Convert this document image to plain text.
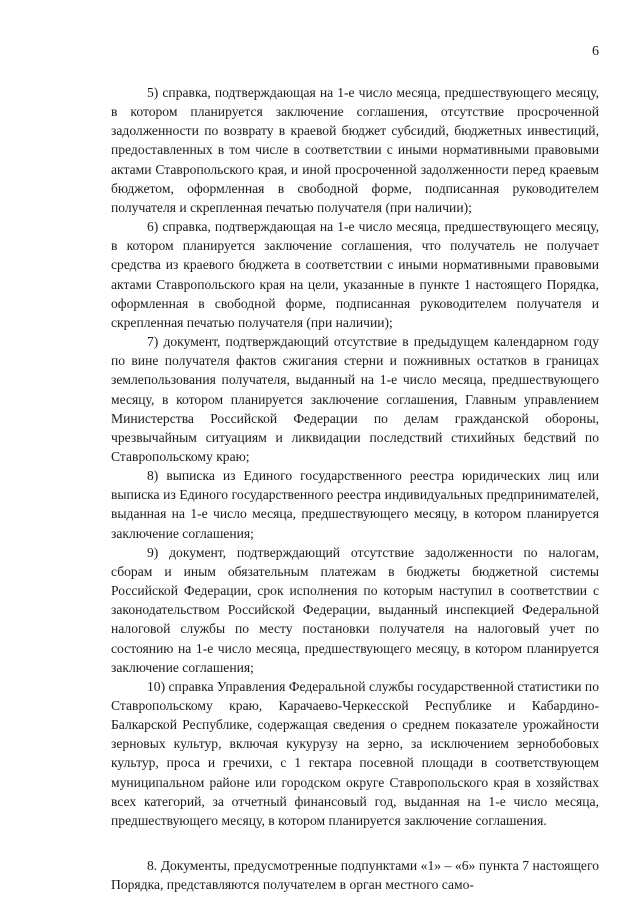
6

5) справка, подтверждающая на 1-е число месяца, предшествующего месяцу, в котором планируется заключение соглашения, отсутствие просроченной задолженности по возврату в краевой бюджет субсидий, бюджетных инвестиций, предоставленных в том числе в соответствии с иными нормативными правовыми актами Ставропольского края, и иной просроченной задолженности перед краевым бюджетом, оформленная в свободной форме, подписанная руководителем получателя и скрепленная печатью получателя (при наличии);

6) справка, подтверждающая на 1-е число месяца, предшествующего месяцу, в котором планируется заключение соглашения, что получатель не получает средства из краевого бюджета в соответствии с иными нормативными правовыми актами Ставропольского края на цели, указанные в пункте 1 настоящего Порядка, оформленная в свободной форме, подписанная руководителем получателя и скрепленная печатью получателя (при наличии);

7) документ, подтверждающий отсутствие в предыдущем календарном году по вине получателя фактов сжигания стерни и пожнивных остатков в границах землепользования получателя, выданный на 1-е число месяца, предшествующего месяцу, в котором планируется заключение соглашения, Главным управлением Министерства Российской Федерации по делам гражданской обороны, чрезвычайным ситуациям и ликвидации последствий стихийных бедствий по Ставропольскому краю;

8) выписка из Единого государственного реестра юридических лиц или выписка из Единого государственного реестра индивидуальных предпринимателей, выданная на 1-е число месяца, предшествующего месяцу, в котором планируется заключение соглашения;

9) документ, подтверждающий отсутствие задолженности по налогам, сборам и иным обязательным платежам в бюджеты бюджетной системы Российской Федерации, срок исполнения по которым наступил в соответствии с законодательством Российской Федерации, выданный инспекцией Федеральной налоговой службы по месту постановки получателя на налоговый учет по состоянию на 1-е число месяца, предшествующего месяцу, в котором планируется заключение соглашения;

10) справка Управления Федеральной службы государственной статистики по Ставропольскому краю, Карачаево-Черкесской Республике и Кабардино-Балкарской Республике, содержащая сведения о среднем показателе урожайности зерновых культур, включая кукурузу на зерно, за исключением зернобобовых культур, проса и гречихи, с 1 гектара посевной площади в соответствующем муниципальном районе или городском округе Ставропольского края в хозяйствах всех категорий, за отчетный финансовый год, выданная на 1-е число месяца, предшествующего месяцу, в котором планируется заключение соглашения.

8. Документы, предусмотренные подпунктами «1» – «6» пункта 7 настоящего Порядка, представляются получателем в орган местного само-
